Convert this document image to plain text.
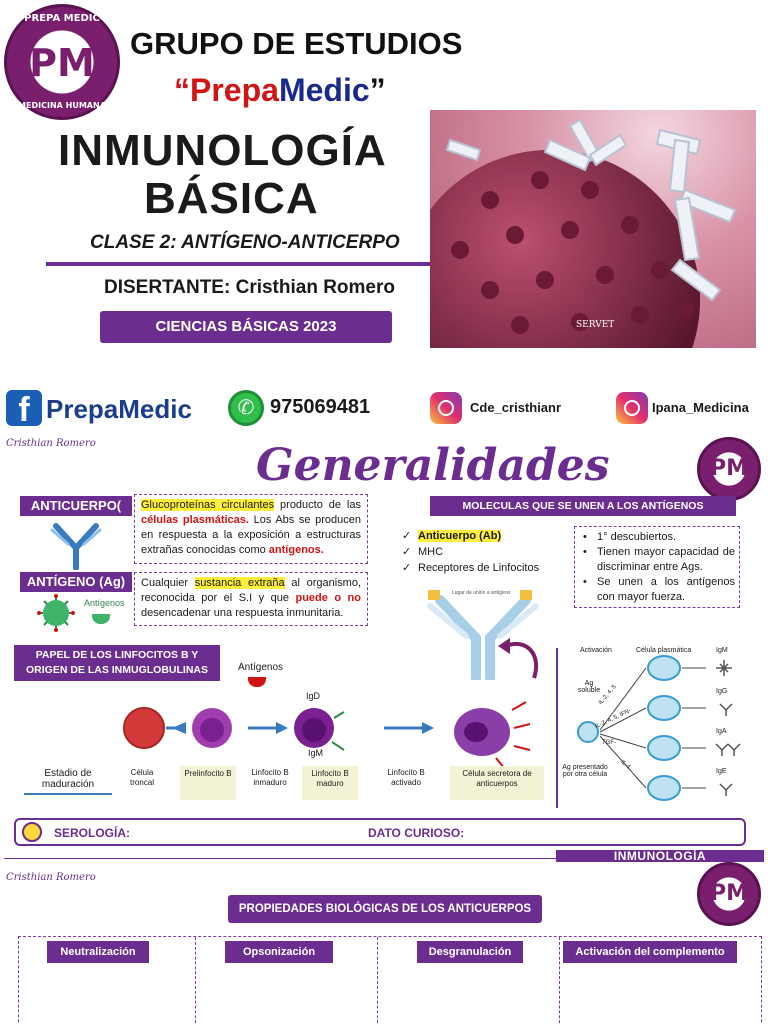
PREPA MEDIC
PM
MEDICINA HUMANA
GRUPO DE ESTUDIOS
“PrepaMedic”
INMUNOLOGÍA
BÁSICA
CLASE 2: ANTÍGENO-ANTICERPO
DISERTANTE: Cristhian Romero
CIENCIAS BÁSICAS 2023	SERVET
f PrepaMedic	✆ 975069481	Cde_cristhianr	Ipana_Medicina
Cristhian Romero	Generalidades	PM
ANTICUERPO( Ab)
Glucoproteínas circulantes producto de las células plasmáticas. Los Abs se producen en respuesta a la exposición a estructuras extrañas conocidas como antígenos.
ANTÍGENO (Ag)
Antígenos
Cualquier sustancia extraña al organismo, reconocida por el S.I y que puede o no desencadenar una respuesta inmunitaria.
MOLECULAS QUE SE UNEN A LOS ANTÍGENOS
✓ Anticuerpo (Ab)
✓ MHC
✓ Receptores de Linfocitos
• 1° descubiertos.
• Tienen mayor capacidad de discriminar entre Ags.
• Se unen a los antígenos con mayor fuerza.
Lugar de unión a antígeno
PAPEL DE LOS LINFOCITOS B Y ORIGEN DE LAS INMUGLOBULINAS	Antígenos
IgD
IgM
Estadio de maduración
Célula troncal
Prelinfocito B	Linfocito B inmaduro
Linfocito B maduro
Linfocito B activado
Célula secretora de anticuerpos
Activación	Célula plasmática
Ag soluble
Ag presentado por otra célula
IL-2, 4, 5
IL-2, 4, 5, IFN-
TGF-
IL-4
IgM
IgG
IgA
IgE
SEROLOGÍA:	DATO CURIOSO:
INMUNOLOGÍA
Cristhian Romero
PM
PROPIEDADES BIOLÓGICAS DE LOS ANTICUERPOS
Neutralización	Opsonización	Desgranulación	Activación del complemento
